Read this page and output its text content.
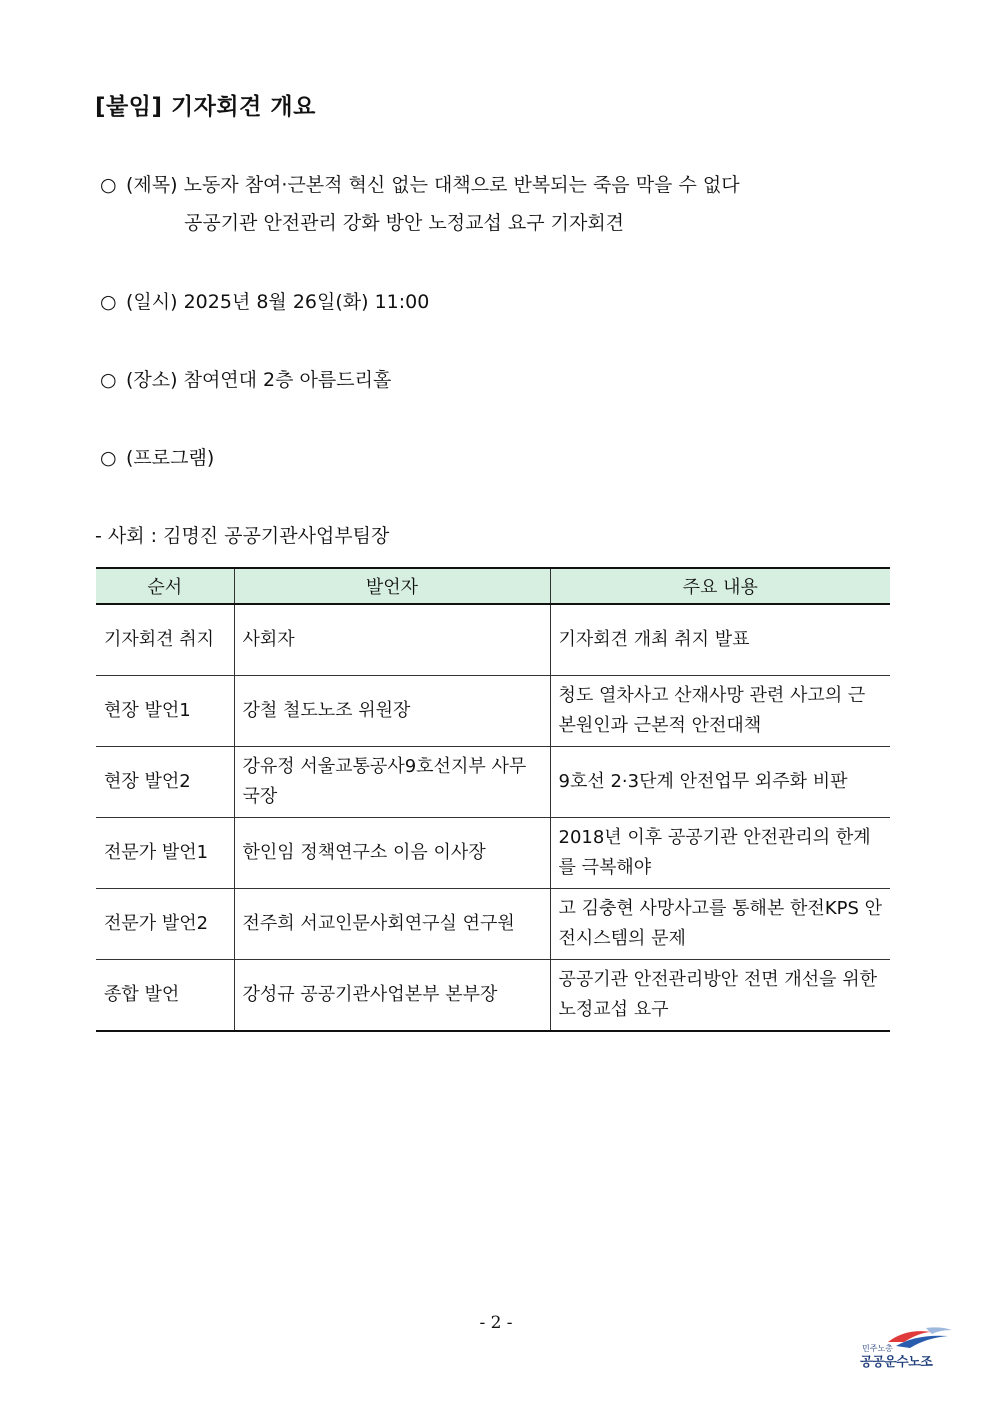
[붙임] 기자회견 개요
○ (제목) 노동자 참여·근본적 혁신 없는 대책으로 반복되는 죽음 막을 수 없다
공공기관 안전관리 강화 방안 노정교섭 요구 기자회견
○ (일시) 2025년 8월 26일(화) 11:00
○ (장소) 참여연대 2층 아름드리홀
○ (프로그램)
- 사회 : 김명진 공공기관사업부팀장
순서	발언자	주요 내용
기자회견 취지	사회자	기자회견 개최 취지 발표
현장 발언1	강철 철도노조 위원장	청도 열차사고 산재사망 관련 사고의 근본원인과 근본적 안전대책
현장 발언2	강유정 서울교통공사9호선지부 사무국장	9호선 2·3단계 안전업무 외주화 비판
전문가 발언1	한인임 정책연구소 이음 이사장	2018년 이후 공공기관 안전관리의 한계를 극복해야
전문가 발언2	전주희 서교인문사회연구실 연구원	고 김충현 사망사고를 통해본 한전KPS 안전시스템의 문제
종합 발언	강성규 공공기관사업본부 본부장	공공기관 안전관리방안 전면 개선을 위한 노정교섭 요구
- 2 -
민주노총
공공운수노조
